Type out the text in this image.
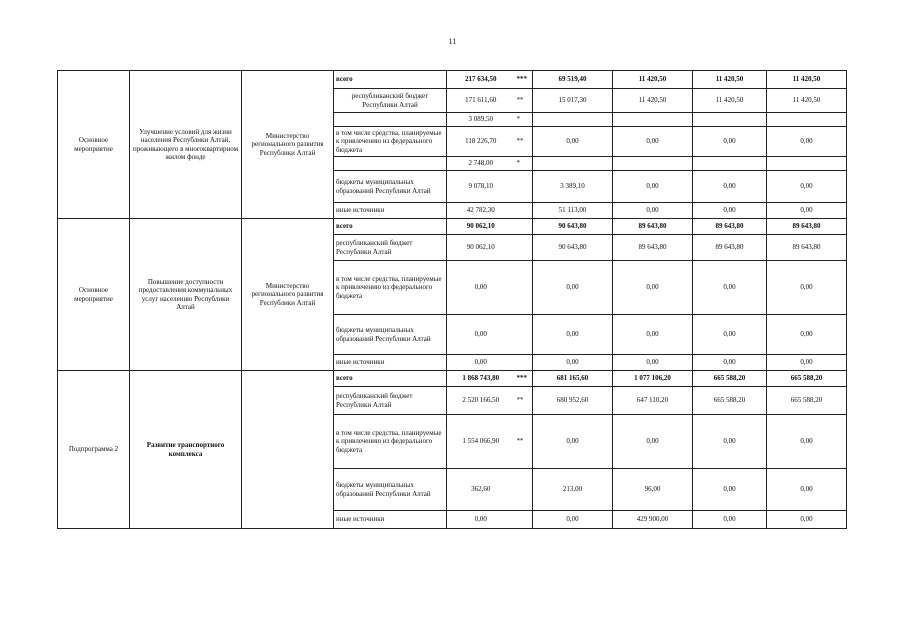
11
Основное мероприятие	Улучшение условий для жизни населения Республики Алтай, проживающего в многоквартирном жилом фонде	Министерство регионального развития Республики Алтай	всего	217 634,50	***	69 519,40	11 420,50	11 420,50	11 420,50
			республиканский бюджет Республики Алтай	171 611,60	**	15 017,30	11 420,50	11 420,50	11 420,50
				3 089,50	*				
			в том числе средства, планируемые к привлечению из федерального бюджета	118 226,70	**	0,00	0,00	0,00	0,00
				2 748,00	*				
			бюджеты муниципальных образований Республики Алтай	9 078,10		3 389,10	0,00	0,00	0,00
			иные источники	42 782,30		51 113,00	0,00	0,00	0,00
Основное мероприятие	Повышение доступности предоставления коммунальных услуг населению Республики Алтай	Министерство регионального развития Республики Алтай	всего	90 062,10		90 643,80	89 643,80	89 643,80	89 643,80
			республиканский бюджет Республики Алтай	90 062,10		90 643,80	89 643,80	89 643,80	89 643,80
			в том числе средства, планируемые к привлечению из федерального бюджета	0,00		0,00	0,00	0,00	0,00
			бюджеты муниципальных образований Республики Алтай	0,00		0,00	0,00	0,00	0,00
			иные источники	0,00		0,00	0,00	0,00	0,00
Подпрограмма 2	Развитие транспортного комплекса		всего	1 868 743,80	***	681 165,60	1 077 106,20	665 588,20	665 588,20
			республиканский бюджет Республики Алтай	2 520 166,50	**	680 952,60	647 110,20	665 588,20	665 588,20
			в том числе средства, планируемые к привлечению из федерального бюджета	1 554 066,90	**	0,00	0,00	0,00	0,00
			бюджеты муниципальных образований Республики Алтай	362,60		213,00	96,00	0,00	0,00
			иные источники	0,00		0,00	429 900,00	0,00	0,00
